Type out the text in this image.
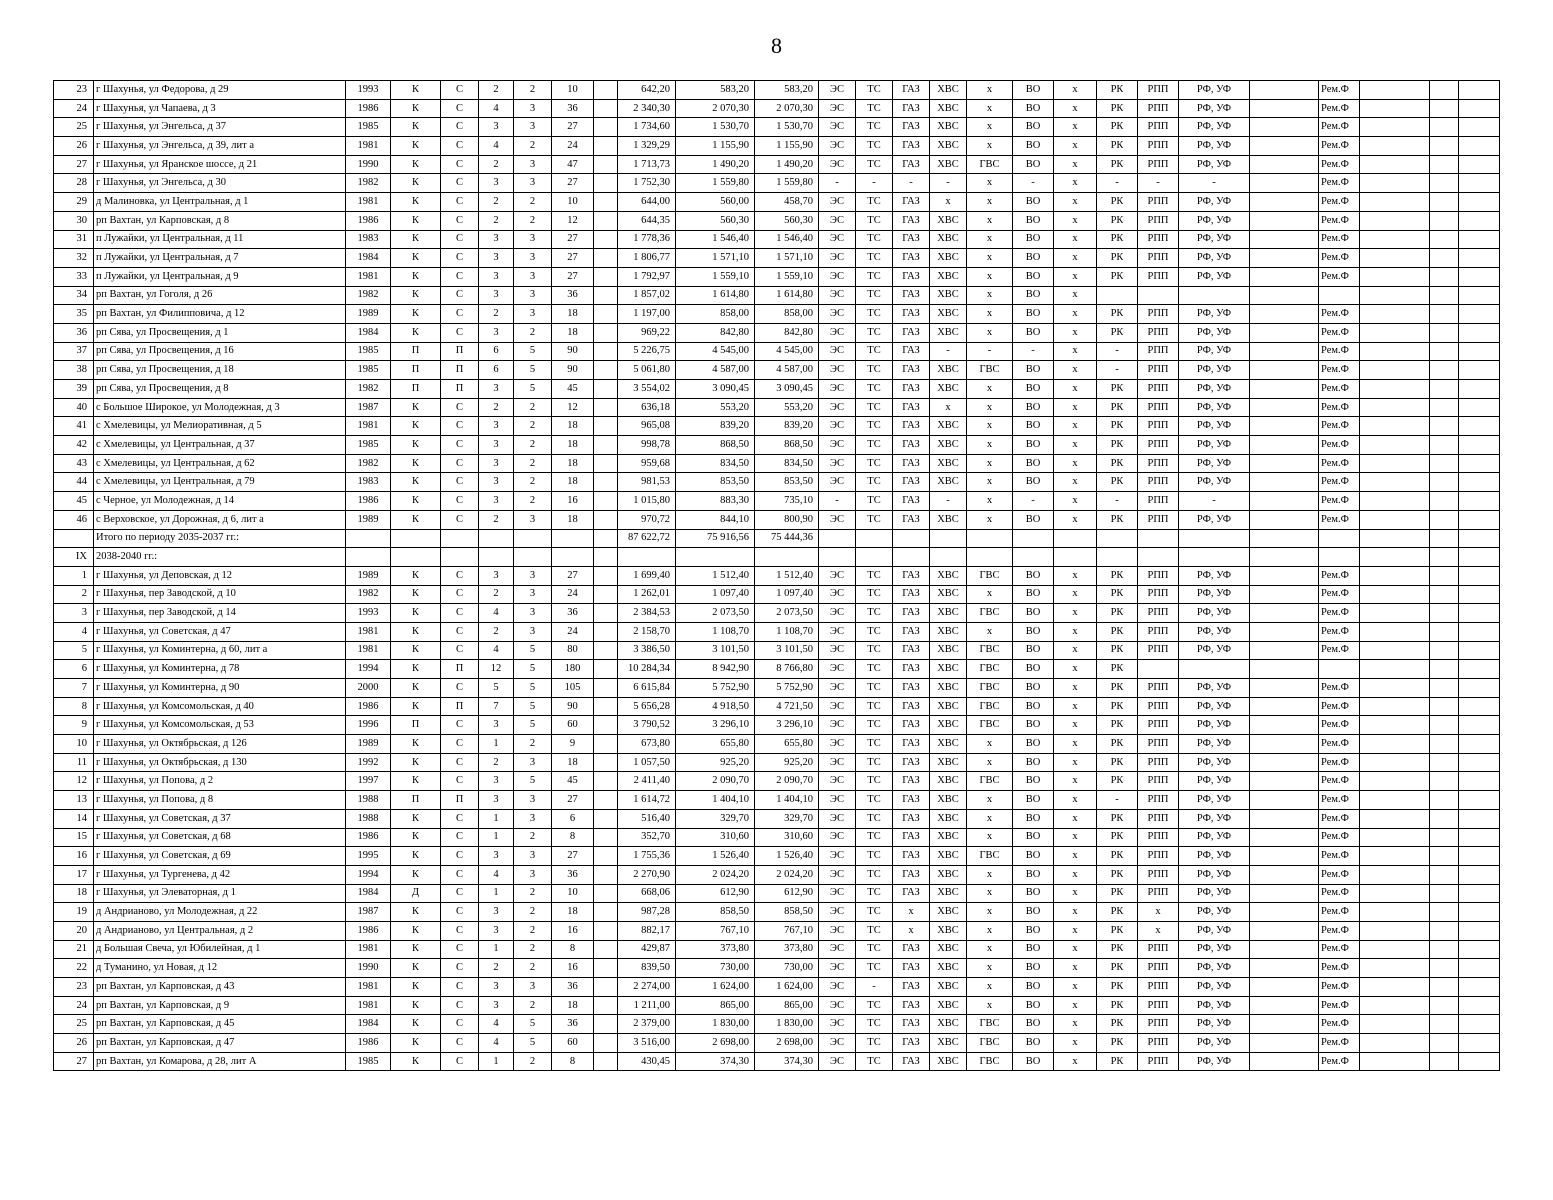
8
23	г Шахунья, ул Федорова, д 29	1993	К	С	2	2	10		642,20	583,20	583,20	ЭС	ТС	ГАЗ	ХВС	х	ВО	х	РК	РПП	РФ, УФ		Рем.Ф			
24	г Шахунья, ул Чапаева, д 3	1986	К	С	4	3	36		2 340,30	2 070,30	2 070,30	ЭС	ТС	ГАЗ	ХВС	х	ВО	х	РК	РПП	РФ, УФ		Рем.Ф			
25	г Шахунья, ул Энгельса, д 37	1985	К	С	3	3	27		1 734,60	1 530,70	1 530,70	ЭС	ТС	ГАЗ	ХВС	х	ВО	х	РК	РПП	РФ, УФ		Рем.Ф			
26	г Шахунья, ул Энгельса, д 39, лит а	1981	К	С	4	2	24		1 329,29	1 155,90	1 155,90	ЭС	ТС	ГАЗ	ХВС	х	ВО	х	РК	РПП	РФ, УФ		Рем.Ф			
27	г Шахунья, ул Яранское шоссе, д 21	1990	К	С	2	3	47		1 713,73	1 490,20	1 490,20	ЭС	ТС	ГАЗ	ХВС	ГВС	ВО	х	РК	РПП	РФ, УФ		Рем.Ф			
28	г Шахунья, ул Энгельса, д 30	1982	К	С	3	3	27		1 752,30	1 559,80	1 559,80	-	-	-	-	х	-	х	-	-	-		Рем.Ф			
29	д Малиновка, ул Центральная, д 1	1981	К	С	2	2	10		644,00	560,00	458,70	ЭС	ТС	ГАЗ	х	х	ВО	х	РК	РПП	РФ, УФ		Рем.Ф			
30	рп Вахтан, ул Карповская, д 8	1986	К	С	2	2	12		644,35	560,30	560,30	ЭС	ТС	ГАЗ	ХВС	х	ВО	х	РК	РПП	РФ, УФ		Рем.Ф			
31	п Лужайки, ул Центральная, д 11	1983	К	С	3	3	27		1 778,36	1 546,40	1 546,40	ЭС	ТС	ГАЗ	ХВС	х	ВО	х	РК	РПП	РФ, УФ		Рем.Ф			
32	п Лужайки, ул Центральная, д 7	1984	К	С	3	3	27		1 806,77	1 571,10	1 571,10	ЭС	ТС	ГАЗ	ХВС	х	ВО	х	РК	РПП	РФ, УФ		Рем.Ф			
33	п Лужайки, ул Центральная, д 9	1981	К	С	3	3	27		1 792,97	1 559,10	1 559,10	ЭС	ТС	ГАЗ	ХВС	х	ВО	х	РК	РПП	РФ, УФ		Рем.Ф			
34	рп Вахтан, ул Гоголя, д 26	1982	К	С	3	3	36		1 857,02	1 614,80	1 614,80	ЭС	ТС	ГАЗ	ХВС	х	ВО	х								
35	рп Вахтан, ул Филипповича, д 12	1989	К	С	2	3	18		1 197,00	858,00	858,00	ЭС	ТС	ГАЗ	ХВС	х	ВО	х	РК	РПП	РФ, УФ		Рем.Ф			
36	рп Сява, ул Просвещения, д 1	1984	К	С	3	2	18		969,22	842,80	842,80	ЭС	ТС	ГАЗ	ХВС	х	ВО	х	РК	РПП	РФ, УФ		Рем.Ф			
37	рп Сява, ул Просвещения, д 16	1985	П	П	6	5	90		5 226,75	4 545,00	4 545,00	ЭС	ТС	ГАЗ	-	-	-	х	-	РПП	РФ, УФ		Рем.Ф			
38	рп Сява, ул Просвещения, д 18	1985	П	П	6	5	90		5 061,80	4 587,00	4 587,00	ЭС	ТС	ГАЗ	ХВС	ГВС	ВО	х	-	РПП	РФ, УФ		Рем.Ф			
39	рп Сява, ул Просвещения, д 8	1982	П	П	3	5	45		3 554,02	3 090,45	3 090,45	ЭС	ТС	ГАЗ	ХВС	х	ВО	х	РК	РПП	РФ, УФ		Рем.Ф			
40	с Большое Широкое, ул Молодежная, д 3	1987	К	С	2	2	12		636,18	553,20	553,20	ЭС	ТС	ГАЗ	х	х	ВО	х	РК	РПП	РФ, УФ		Рем.Ф			
41	с Хмелевицы, ул Мелиоративная, д 5	1981	К	С	3	2	18		965,08	839,20	839,20	ЭС	ТС	ГАЗ	ХВС	х	ВО	х	РК	РПП	РФ, УФ		Рем.Ф			
42	с Хмелевицы, ул Центральная, д 37	1985	К	С	3	2	18		998,78	868,50	868,50	ЭС	ТС	ГАЗ	ХВС	х	ВО	х	РК	РПП	РФ, УФ		Рем.Ф			
43	с Хмелевицы, ул Центральная, д 62	1982	К	С	3	2	18		959,68	834,50	834,50	ЭС	ТС	ГАЗ	ХВС	х	ВО	х	РК	РПП	РФ, УФ		Рем.Ф			
44	с Хмелевицы, ул Центральная, д 79	1983	К	С	3	2	18		981,53	853,50	853,50	ЭС	ТС	ГАЗ	ХВС	х	ВО	х	РК	РПП	РФ, УФ		Рем.Ф			
45	с Черное, ул Молодежная, д 14	1986	К	С	3	2	16		1 015,80	883,30	735,10	-	ТС	ГАЗ	-	х	-	х	-	РПП	-		Рем.Ф			
46	с Верховское, ул Дорожная, д 6, лит а	1989	К	С	2	3	18		970,72	844,10	800,90	ЭС	ТС	ГАЗ	ХВС	х	ВО	х	РК	РПП	РФ, УФ		Рем.Ф			
	Итого по периоду 2035-2037 гг.:								87 622,72	75 916,56	75 444,36															
IX	2038-2040 гг.:																									
1	г Шахунья, ул Деповская, д 12	1989	К	С	3	3	27		1 699,40	1 512,40	1 512,40	ЭС	ТС	ГАЗ	ХВС	ГВС	ВО	х	РК	РПП	РФ, УФ		Рем.Ф			
2	г Шахунья, пер Заводской, д 10	1982	К	С	2	3	24		1 262,01	1 097,40	1 097,40	ЭС	ТС	ГАЗ	ХВС	х	ВО	х	РК	РПП	РФ, УФ		Рем.Ф			
3	г Шахунья, пер Заводской, д 14	1993	К	С	4	3	36		2 384,53	2 073,50	2 073,50	ЭС	ТС	ГАЗ	ХВС	ГВС	ВО	х	РК	РПП	РФ, УФ		Рем.Ф			
4	г Шахунья, ул Советская, д 47	1981	К	С	2	3	24		2 158,70	1 108,70	1 108,70	ЭС	ТС	ГАЗ	ХВС	х	ВО	х	РК	РПП	РФ, УФ		Рем.Ф			
5	г Шахунья, ул Коминтерна, д 60, лит а	1981	К	С	4	5	80		3 386,50	3 101,50	3 101,50	ЭС	ТС	ГАЗ	ХВС	ГВС	ВО	х	РК	РПП	РФ, УФ		Рем.Ф			
6	г Шахунья, ул Коминтерна, д 78	1994	К	П	12	5	180		10 284,34	8 942,90	8 766,80	ЭС	ТС	ГАЗ	ХВС	ГВС	ВО	х	РК							
7	г Шахунья, ул Коминтерна, д 90	2000	К	С	5	5	105		6 615,84	5 752,90	5 752,90	ЭС	ТС	ГАЗ	ХВС	ГВС	ВО	х	РК	РПП	РФ, УФ		Рем.Ф			
8	г Шахунья, ул Комсомольская, д 40	1986	К	П	7	5	90		5 656,28	4 918,50	4 721,50	ЭС	ТС	ГАЗ	ХВС	ГВС	ВО	х	РК	РПП	РФ, УФ		Рем.Ф			
9	г Шахунья, ул Комсомольская, д 53	1996	П	С	3	5	60		3 790,52	3 296,10	3 296,10	ЭС	ТС	ГАЗ	ХВС	ГВС	ВО	х	РК	РПП	РФ, УФ		Рем.Ф			
10	г Шахунья, ул Октябрьская, д 126	1989	К	С	1	2	9		673,80	655,80	655,80	ЭС	ТС	ГАЗ	ХВС	х	ВО	х	РК	РПП	РФ, УФ		Рем.Ф			
11	г Шахунья, ул Октябрьская, д 130	1992	К	С	2	3	18		1 057,50	925,20	925,20	ЭС	ТС	ГАЗ	ХВС	х	ВО	х	РК	РПП	РФ, УФ		Рем.Ф			
12	г Шахунья, ул Попова, д 2	1997	К	С	3	5	45		2 411,40	2 090,70	2 090,70	ЭС	ТС	ГАЗ	ХВС	ГВС	ВО	х	РК	РПП	РФ, УФ		Рем.Ф			
13	г Шахунья, ул Попова, д 8	1988	П	П	3	3	27		1 614,72	1 404,10	1 404,10	ЭС	ТС	ГАЗ	ХВС	х	ВО	х	-	РПП	РФ, УФ		Рем.Ф			
14	г Шахунья, ул Советская, д 37	1988	К	С	1	3	6		516,40	329,70	329,70	ЭС	ТС	ГАЗ	ХВС	х	ВО	х	РК	РПП	РФ, УФ		Рем.Ф			
15	г Шахунья, ул Советская, д 68	1986	К	С	1	2	8		352,70	310,60	310,60	ЭС	ТС	ГАЗ	ХВС	х	ВО	х	РК	РПП	РФ, УФ		Рем.Ф			
16	г Шахунья, ул Советская, д 69	1995	К	С	3	3	27		1 755,36	1 526,40	1 526,40	ЭС	ТС	ГАЗ	ХВС	ГВС	ВО	х	РК	РПП	РФ, УФ		Рем.Ф			
17	г Шахунья, ул Тургенева, д 42	1994	К	С	4	3	36		2 270,90	2 024,20	2 024,20	ЭС	ТС	ГАЗ	ХВС	х	ВО	х	РК	РПП	РФ, УФ		Рем.Ф			
18	г Шахунья, ул Элеваторная, д 1	1984	Д	С	1	2	10		668,06	612,90	612,90	ЭС	ТС	ГАЗ	ХВС	х	ВО	х	РК	РПП	РФ, УФ		Рем.Ф			
19	д Андрианово, ул Молодежная, д 22	1987	К	С	3	2	18		987,28	858,50	858,50	ЭС	ТС	х	ХВС	х	ВО	х	РК	х	РФ, УФ		Рем.Ф			
20	д Андрианово, ул Центральная, д 2	1986	К	С	3	2	16		882,17	767,10	767,10	ЭС	ТС	х	ХВС	х	ВО	х	РК	х	РФ, УФ		Рем.Ф			
21	д Большая Свеча, ул Юбилейная, д 1	1981	К	С	1	2	8		429,87	373,80	373,80	ЭС	ТС	ГАЗ	ХВС	х	ВО	х	РК	РПП	РФ, УФ		Рем.Ф			
22	д Туманино, ул Новая, д 12	1990	К	С	2	2	16		839,50	730,00	730,00	ЭС	ТС	ГАЗ	ХВС	х	ВО	х	РК	РПП	РФ, УФ		Рем.Ф			
23	рп Вахтан, ул Карповская, д 43	1981	К	С	3	3	36		2 274,00	1 624,00	1 624,00	ЭС	-	ГАЗ	ХВС	х	ВО	х	РК	РПП	РФ, УФ		Рем.Ф			
24	рп Вахтан, ул Карповская, д 9	1981	К	С	3	2	18		1 211,00	865,00	865,00	ЭС	ТС	ГАЗ	ХВС	х	ВО	х	РК	РПП	РФ, УФ		Рем.Ф			
25	рп Вахтан, ул Карповская, д 45	1984	К	С	4	5	36		2 379,00	1 830,00	1 830,00	ЭС	ТС	ГАЗ	ХВС	ГВС	ВО	х	РК	РПП	РФ, УФ		Рем.Ф			
26	рп Вахтан, ул Карповская, д 47	1986	К	С	4	5	60		3 516,00	2 698,00	2 698,00	ЭС	ТС	ГАЗ	ХВС	ГВС	ВО	х	РК	РПП	РФ, УФ		Рем.Ф			
27	рп Вахтан, ул Комарова, д 28, лит А	1985	К	С	1	2	8		430,45	374,30	374,30	ЭС	ТС	ГАЗ	ХВС	ГВС	ВО	х	РК	РПП	РФ, УФ		Рем.Ф			
